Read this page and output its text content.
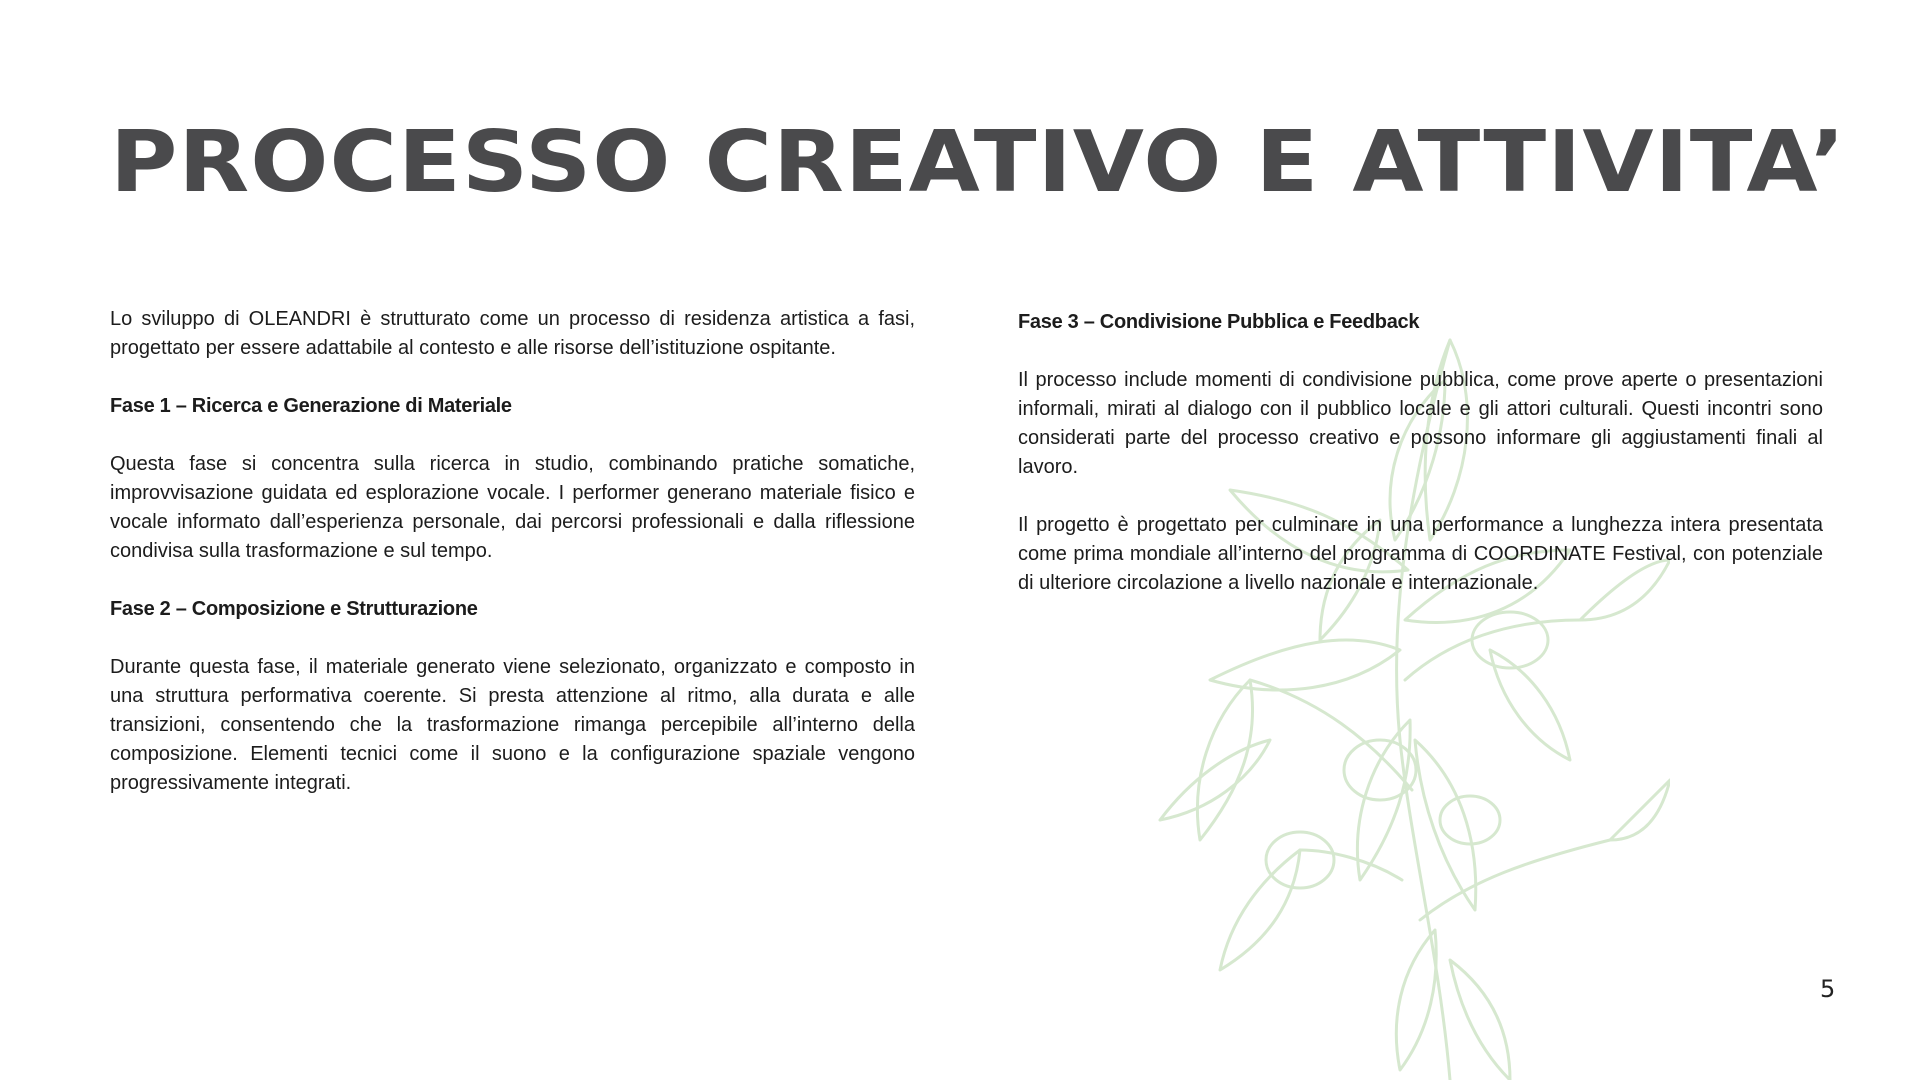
PROCESSO CREATIVO E ATTIVITA’

Lo sviluppo di OLEANDRI è strutturato come un processo di residenza artistica a fasi, progettato per essere adattabile al contesto e alle risorse dell’istituzione ospitante.

Fase 1 – Ricerca e Generazione di Materiale

Questa fase si concentra sulla ricerca in studio, combinando pratiche somatiche, improvvisazione guidata ed esplorazione vocale. I performer generano materiale fisico e vocale informato dall’esperienza personale, dai percorsi professionali e dalla riflessione condivisa sulla trasformazione e sul tempo.

Fase 2 – Composizione e Strutturazione

Durante questa fase, il materiale generato viene selezionato, organizzato e composto in una struttura performativa coerente. Si presta attenzione al ritmo, alla durata e alle transizioni, consentendo che la trasformazione rimanga percepibile all’interno della composizione. Elementi tecnici come il suono e la configurazione spaziale vengono progressivamente integrati.

Fase 3 – Condivisione Pubblica e Feedback

Il processo include momenti di condivisione pubblica, come prove aperte o presentazioni informali, mirati al dialogo con il pubblico locale e gli attori culturali. Questi incontri sono considerati parte del processo creativo e possono informare gli aggiustamenti finali al lavoro.

Il progetto è progettato per culminare in una performance a lunghezza intera presentata come prima mondiale all’interno del programma di COORDINATE Festival, con potenziale di ulteriore circolazione a livello nazionale e internazionale.

5
